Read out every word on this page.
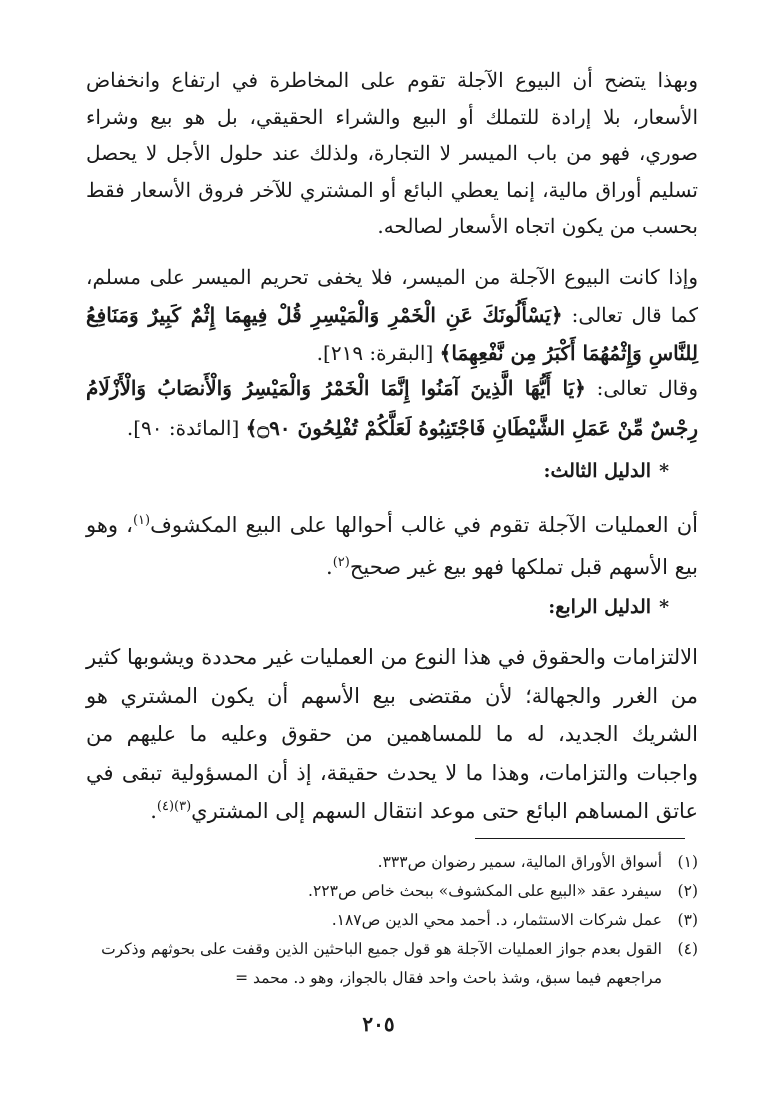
وبهذا يتضح أن البيوع الآجلة تقوم على المخاطرة في ارتفاع وانخفاض الأسعار، بلا إرادة للتملك أو البيع والشراء الحقيقي، بل هو بيع وشراء صوري، فهو من باب الميسر لا التجارة، ولذلك عند حلول الأجل لا يحصل تسليم أوراق مالية، إنما يعطي البائع أو المشتري للآخر فروق الأسعار فقط بحسب من يكون اتجاه الأسعار لصالحه.

وإذا كانت البيوع الآجلة من الميسر، فلا يخفى تحريم الميسر على مسلم، كما قال تعالى: ﴿يَسْأَلُونَكَ عَنِ الْخَمْرِ وَالْمَيْسِرِ قُلْ فِيهِمَا إِثْمٌ كَبِيرٌ وَمَنَافِعُ لِلنَّاسِ وَإِثْمُهُمَا أَكْبَرُ مِن نَّفْعِهِمَا﴾ [البقرة: ٢١٩].

وقال تعالى: ﴿يَا أَيُّهَا الَّذِينَ آمَنُوا إِنَّمَا الْخَمْرُ وَالْمَيْسِرُ وَالْأَنصَابُ وَالْأَزْلَامُ رِجْسٌ مِّنْ عَمَلِ الشَّيْطَانِ فَاجْتَنِبُوهُ لَعَلَّكُمْ تُفْلِحُونَ ۝٩٠﴾ [المائدة: ٩٠].

*الدليل الثالث:

أن العمليات الآجلة تقوم في غالب أحوالها على البيع المكشوف$^{(١)}$، وهو بيع الأسهم قبل تملكها فهو بيع غير صحيح$^{(٢)}$.

*الدليل الرابع:

الالتزامات والحقوق في هذا النوع من العمليات غير محددة ويشوبها كثير من الغرر والجهالة؛ لأن مقتضى بيع الأسهم أن يكون المشتري هو الشريك الجديد، له ما للمساهمين من حقوق وعليه ما عليهم من واجبات والتزامات، وهذا ما لا يحدث حقيقة، إذ أن المسؤولية تبقى في عاتق المساهم البائع حتى موعد انتقال السهم إلى المشتري$^{(٣)(٤)}$.

(١)
أسواق الأوراق المالية، سمير رضوان ص٣٣٣.
(٢)
سيفرد عقد «البيع على المكشوف» ببحث خاص ص٢٢٣.
(٣)
عمل شركات الاستثمار، د. أحمد محي الدين ص١٨٧.
(٤)
القول بعدم جواز العمليات الآجلة هو قول جميع الباحثين الذين وقفت على بحوثهم وذكرت مراجعهم فيما سبق، وشذ باحث واحد فقال بالجواز، وهو د. محمد =
٢٠٥
